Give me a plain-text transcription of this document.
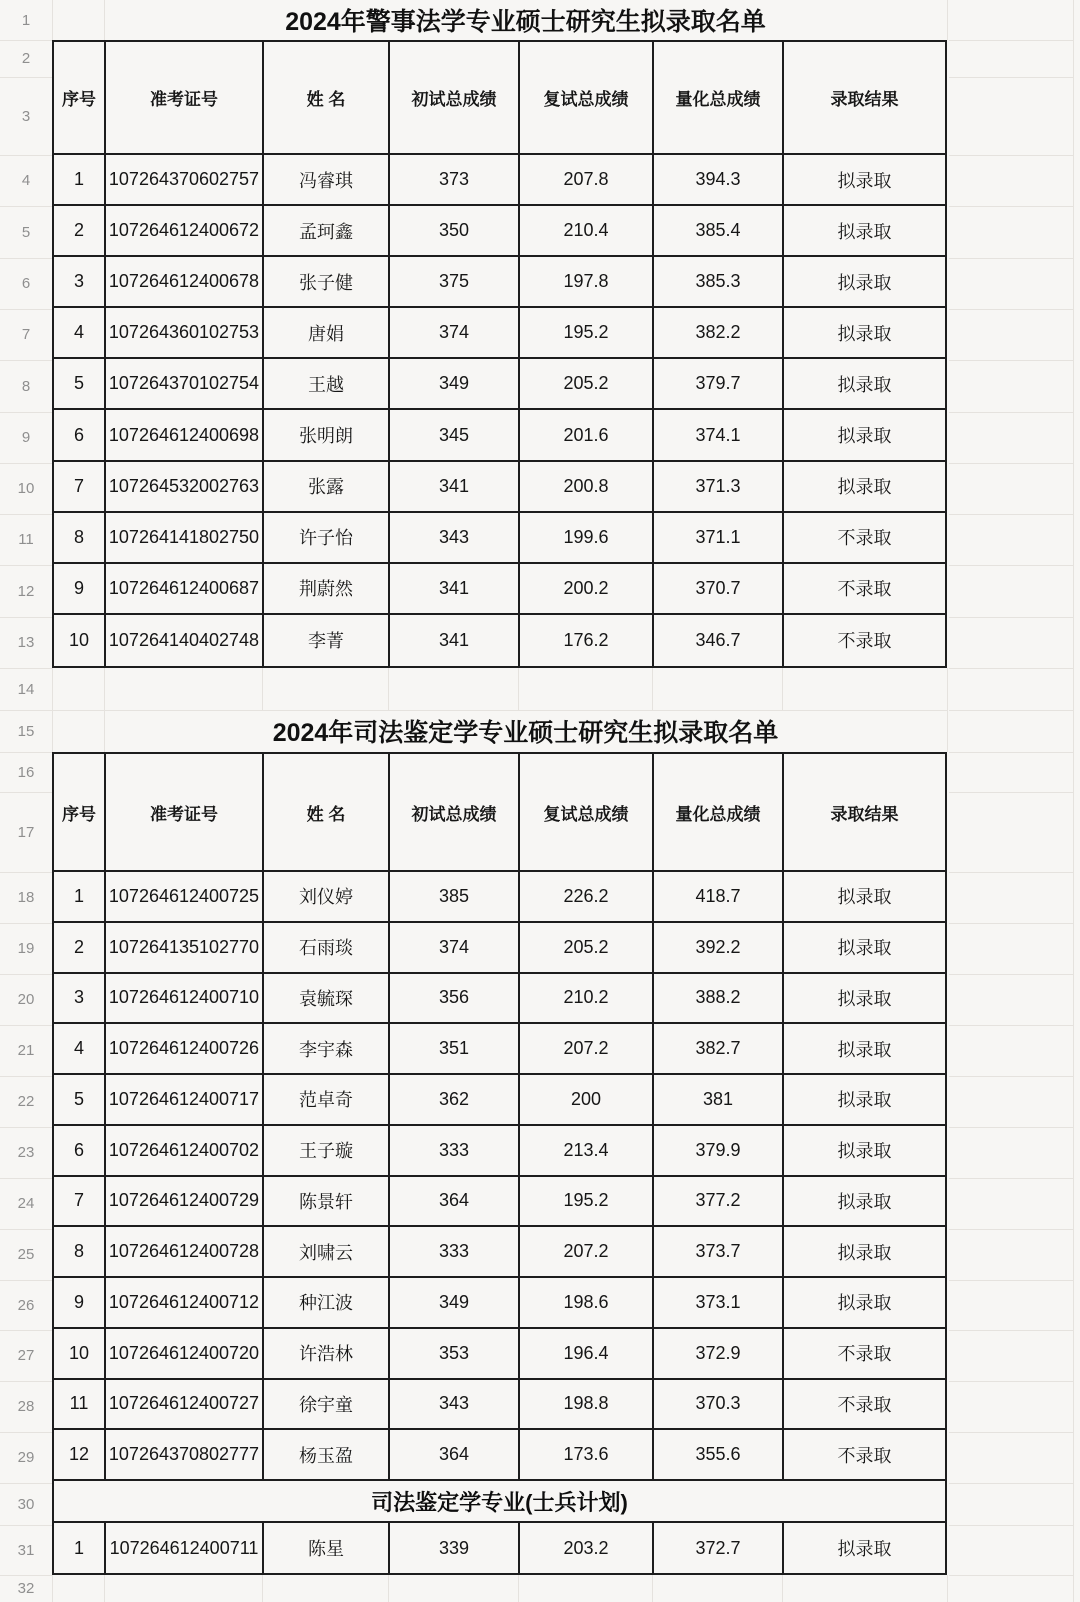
1
2
3
4
5
6
7
8
9
10
11
12
13
14
15
16
17
18
19
20
21
22
23
24
25
26
27
28
29
30
31
32
2024年警事法学专业硕士研究生拟录取名单
2024年司法鉴定学专业硕士研究生拟录取名单
序号	准考证号	姓 名	初试总成绩	复试总成绩	量化总成绩	录取结果
1	107264370602757	冯睿琪	373	207.8	394.3	拟录取
2	107264612400672	孟珂鑫	350	210.4	385.4	拟录取
3	107264612400678	张子健	375	197.8	385.3	拟录取
4	107264360102753	唐娟	374	195.2	382.2	拟录取
5	107264370102754	王越	349	205.2	379.7	拟录取
6	107264612400698	张明朗	345	201.6	374.1	拟录取
7	107264532002763	张露	341	200.8	371.3	拟录取
8	107264141802750	许子怡	343	199.6	371.1	不录取
9	107264612400687	荆蔚然	341	200.2	370.7	不录取
10	107264140402748	李菁	341	176.2	346.7	不录取
序号	准考证号	姓 名	初试总成绩	复试总成绩	量化总成绩	录取结果
1	107264612400725	刘仪婷	385	226.2	418.7	拟录取
2	107264135102770	石雨琰	374	205.2	392.2	拟录取
3	107264612400710	袁毓琛	356	210.2	388.2	拟录取
4	107264612400726	李宇森	351	207.2	382.7	拟录取
5	107264612400717	范卓奇	362	200	381	拟录取
6	107264612400702	王子璇	333	213.4	379.9	拟录取
7	107264612400729	陈景轩	364	195.2	377.2	拟录取
8	107264612400728	刘啸云	333	207.2	373.7	拟录取
9	107264612400712	种江波	349	198.6	373.1	拟录取
10	107264612400720	许浩林	353	196.4	372.9	不录取
11	107264612400727	徐宇童	343	198.8	370.3	不录取
12	107264370802777	杨玉盈	364	173.6	355.6	不录取
司法鉴定学专业(士兵计划)
1	107264612400711	陈星	339	203.2	372.7	拟录取
